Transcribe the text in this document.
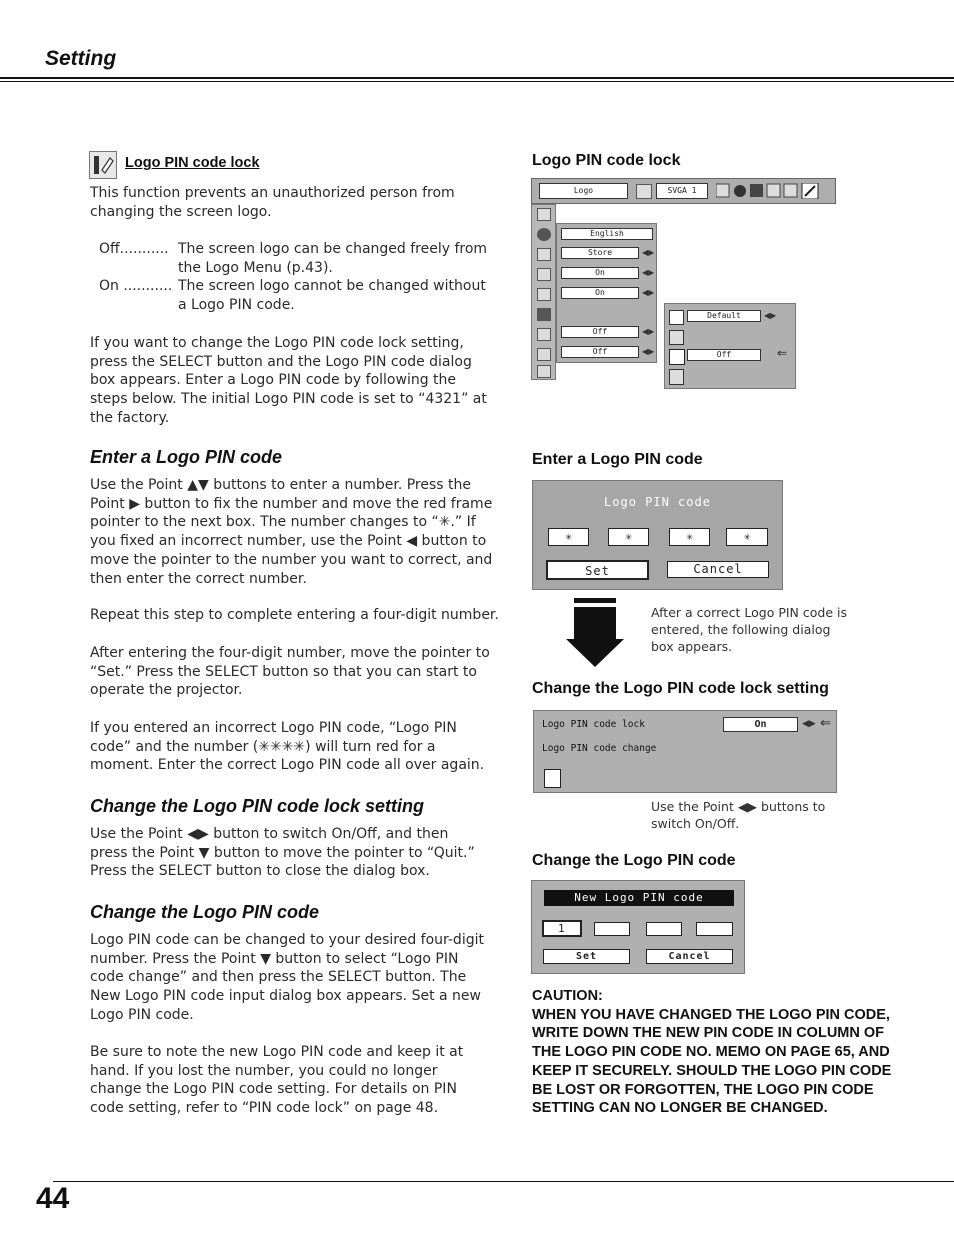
Setting
Logo PIN code lock

This function prevents an unauthorized person from changing the screen logo.

Off........... The screen logo can be changed freely from
the Logo Menu (p.43).
On ........... The screen logo cannot be changed without
a Logo PIN code.

If you want to change the Logo PIN code lock setting, press the SELECT button and the Logo PIN code dialog box appears. Enter a Logo PIN code by following the steps below. The initial Logo PIN code is set to “4321” at the factory.

Enter a Logo PIN code

Use the Point ▲▼ buttons to enter a number. Press the Point ▶ button to fix the number and move the red frame pointer to the next box. The number changes to “✳.” If you fixed an incorrect number, use the Point ◀ button to move the pointer to the number you want to correct, and then enter the correct number.

Repeat this step to complete entering a four-digit number.

After entering the four-digit number, move the pointer to “Set.” Press the SELECT button so that you can start to operate the projector.

If you entered an incorrect Logo PIN code, “Logo PIN code” and the number (✳✳✳✳) will turn red for a moment. Enter the correct Logo PIN code all over again.

Change the Logo PIN code lock setting

Use the Point ◀▶ button to switch On/Off, and then press the Point ▼ button to move the pointer to “Quit.” Press the SELECT button to close the dialog box.

Change the Logo PIN code

Logo PIN code can be changed to your desired four-digit number. Press the Point ▼ button to select “Logo PIN code change” and then press the SELECT button. The New Logo PIN code input dialog box appears. Set a new Logo PIN code.

Be sure to note the new Logo PIN code and keep it at hand. If you lost the number, you could no longer change the Logo PIN code setting. For details on PIN code setting, refer to “PIN code lock” on page 48.

Logo PIN code lock
Logo	SVGA 1
English
Store	◀▶
On	◀▶
On	◀▶
Off	◀▶
Off	◀▶
Default	◀▶
Off	⇐
Enter a Logo PIN code
Logo PIN code
✳	✳	✳	✳
Set	Cancel

After a correct Logo PIN code is entered, the following dialog box appears.

Change the Logo PIN code lock setting
Logo PIN code lock	On	◀▶ ⇐
Logo PIN code change

Use the Point ◀▶ buttons to switch On/Off.

Change the Logo PIN code
New Logo PIN code
1
Set	Cancel
CAUTION:
WHEN YOU HAVE CHANGED THE LOGO PIN CODE, WRITE DOWN THE NEW PIN CODE IN COLUMN OF THE LOGO PIN CODE NO. MEMO ON PAGE 65, AND KEEP IT SECURELY. SHOULD THE LOGO PIN CODE BE LOST OR FORGOTTEN, THE LOGO PIN CODE SETTING CAN NO LONGER BE CHANGED.
44
